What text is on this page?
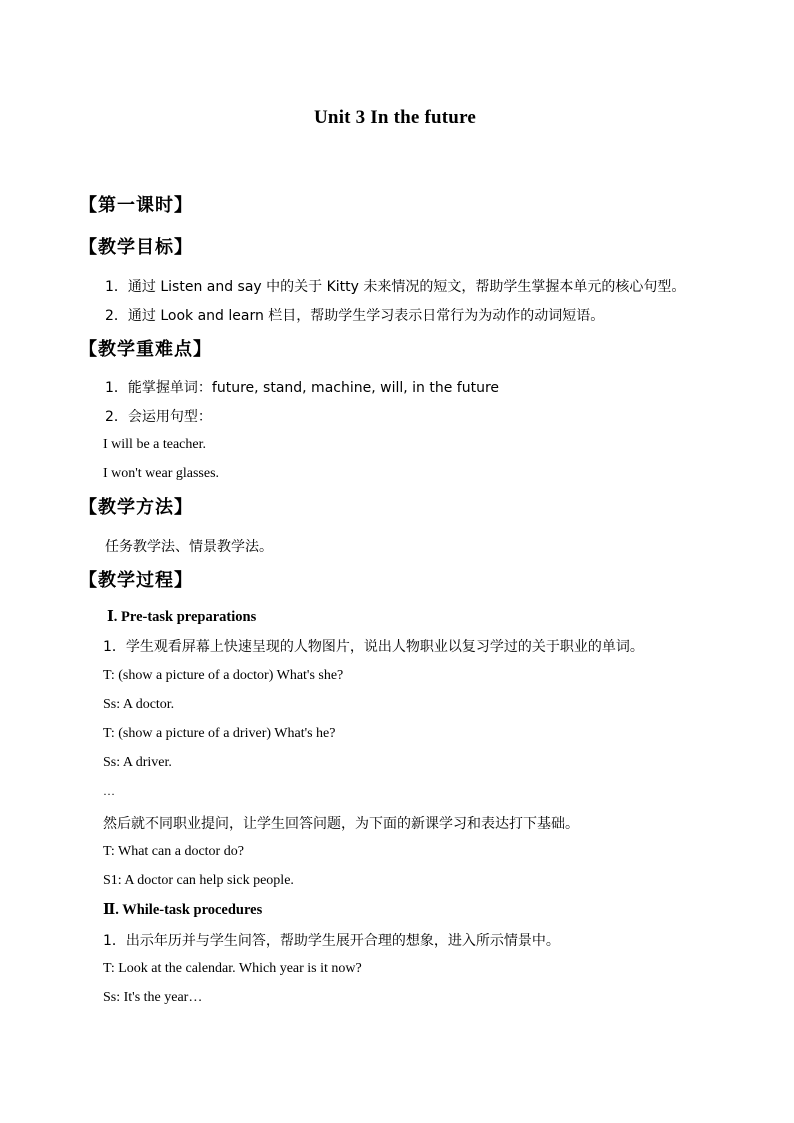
Unit 3 In the future
【第一课时】
【教学目标】
1．通过 Listen and say 中的关于 Kitty 未来情况的短文，帮助学生掌握本单元的核心句型。
2．通过 Look and learn 栏目，帮助学生学习表示日常行为为动作的动词短语。
【教学重难点】
1．能掌握单词：future, stand, machine, will, in the future
2．会运用句型：
I will be a teacher.
I won't wear glasses.
【教学方法】
任务教学法、情景教学法。
【教学过程】
Ⅰ. Pre-task preparations
1．学生观看屏幕上快速呈现的人物图片，说出人物职业以复习学过的关于职业的单词。
T: (show a picture of a doctor) What's she?
Ss: A doctor.
T: (show a picture of a driver) What's he?
Ss: A driver.
…
然后就不同职业提问，让学生回答问题，为下面的新课学习和表达打下基础。
T: What can a doctor do?
S1: A doctor can help sick people.
Ⅱ. While-task procedures
1．出示年历并与学生问答，帮助学生展开合理的想象，进入所示情景中。
T: Look at the calendar. Which year is it now?
Ss: It's the year…
